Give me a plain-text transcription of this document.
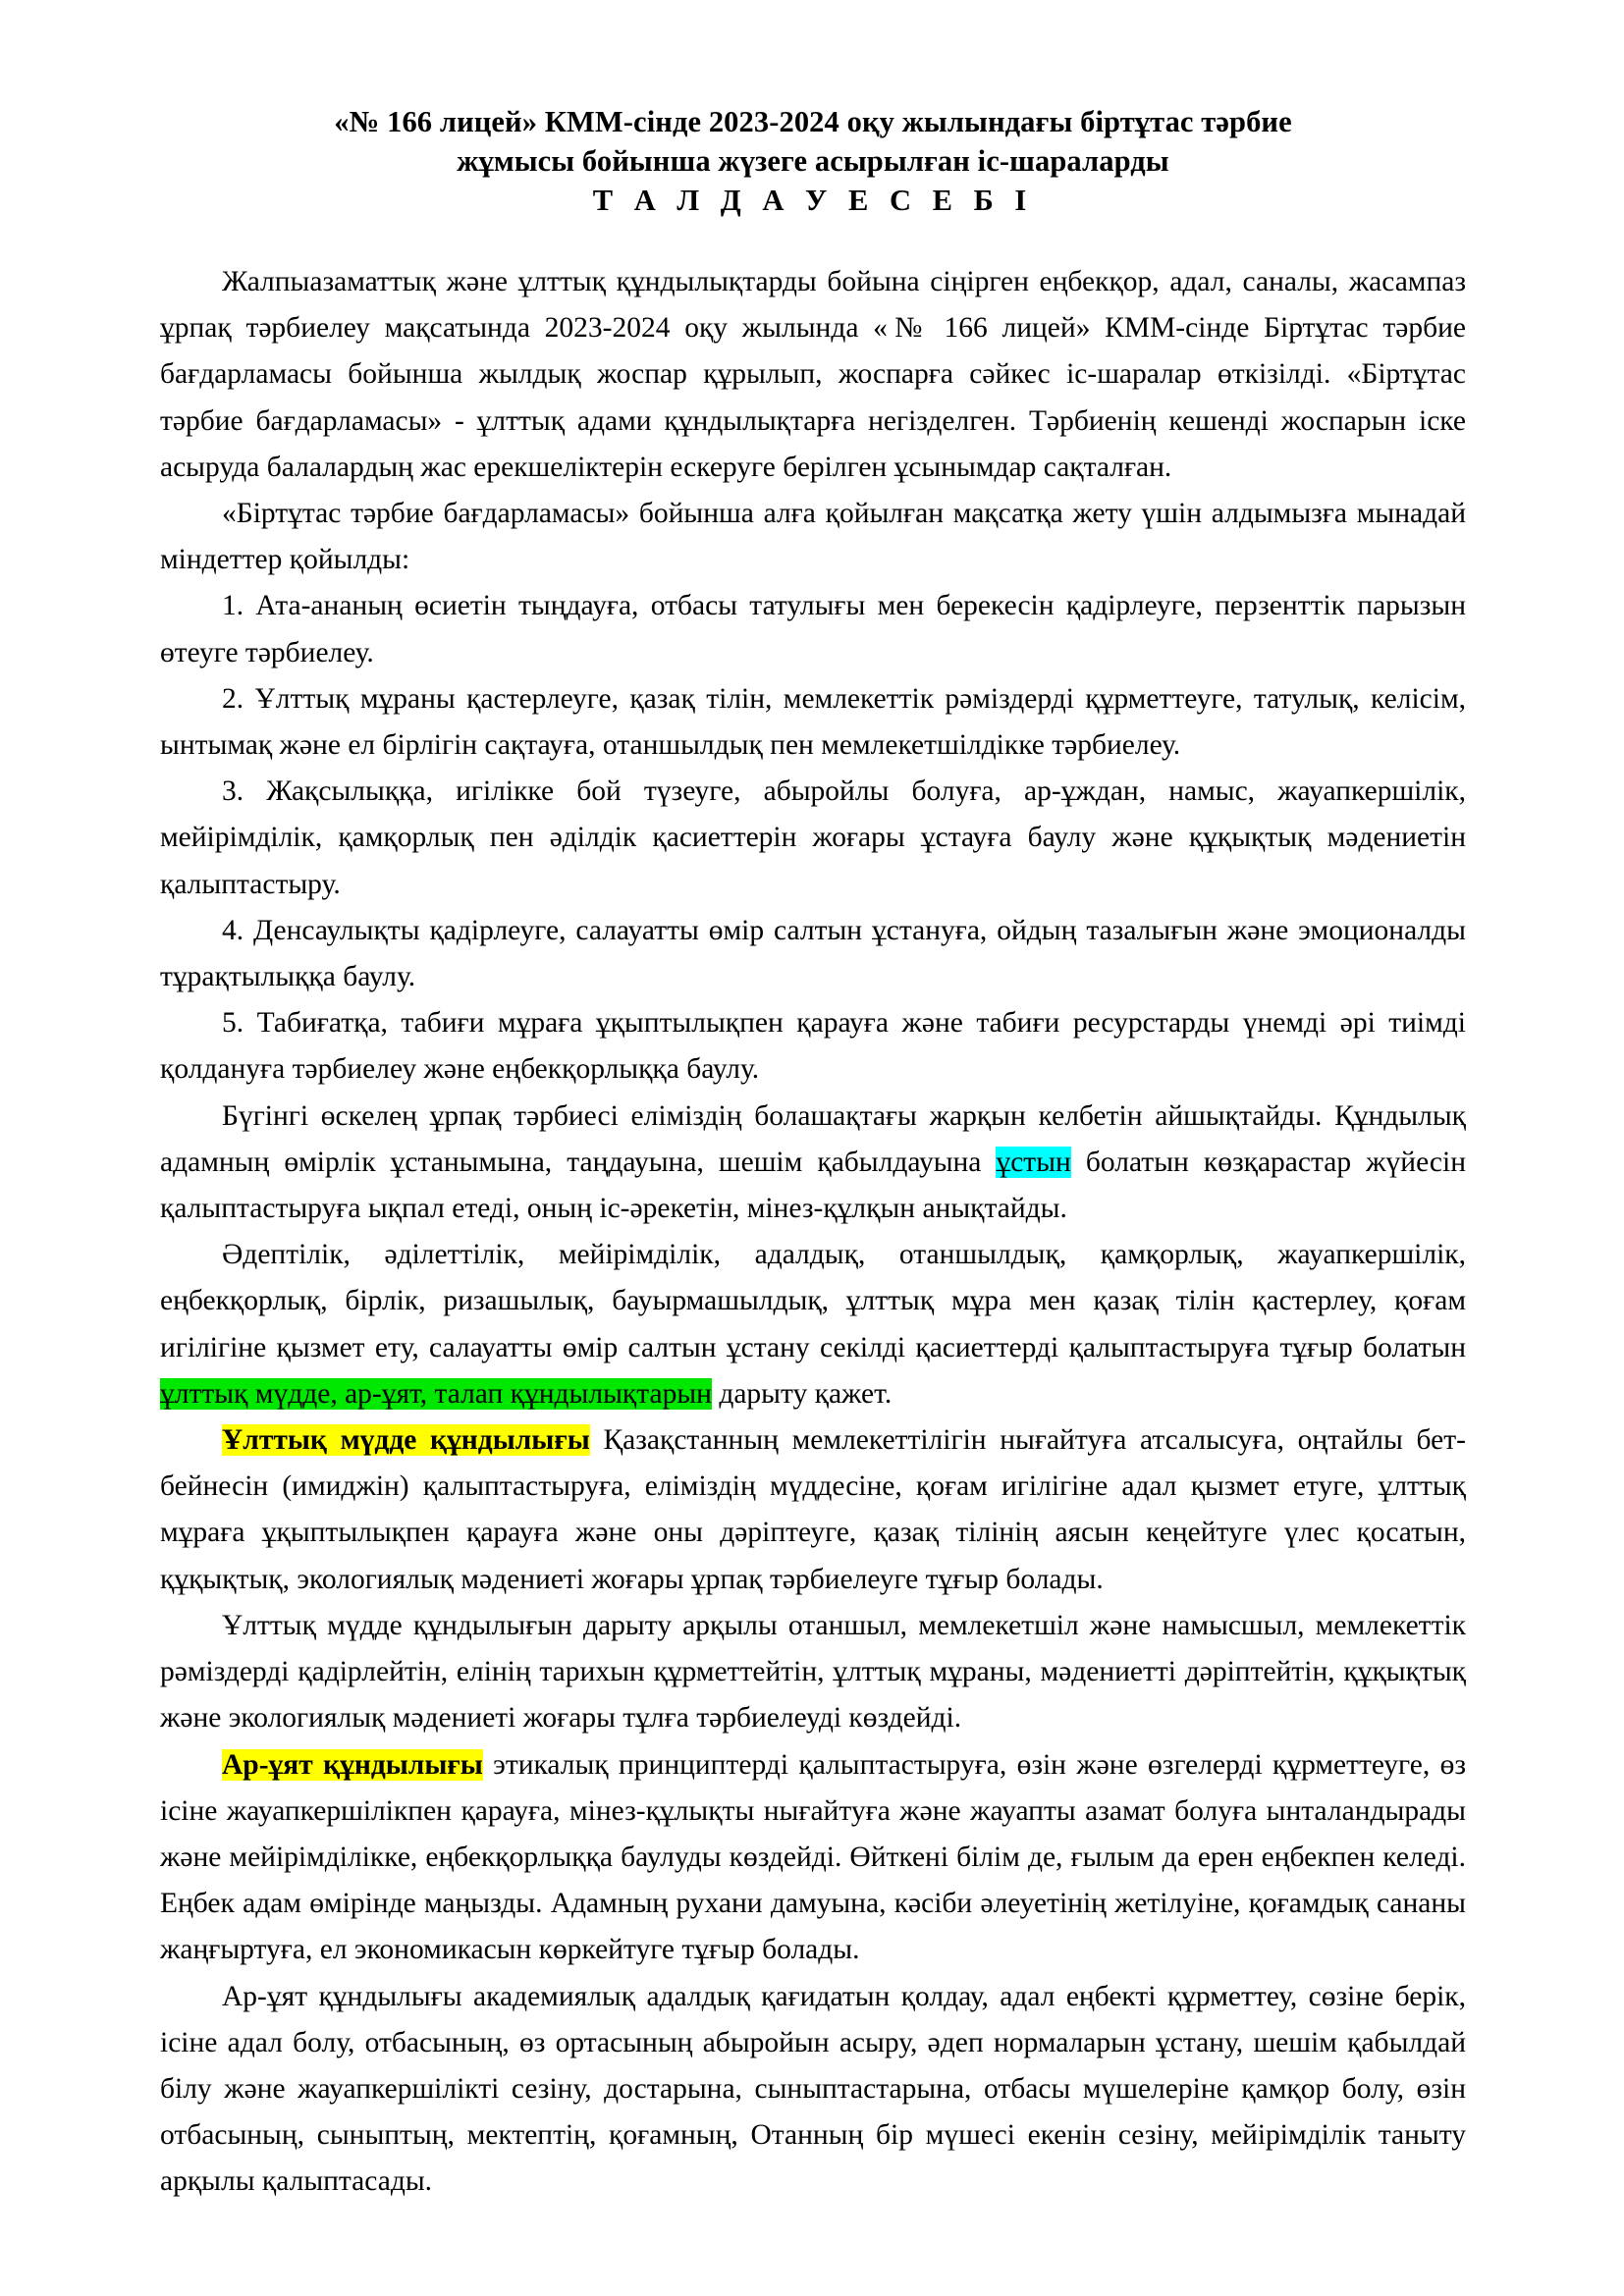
«№ 166 лицей» КММ-сінде 2023-2024 оқу жылындағы біртұтас тәрбие
жұмысы бойынша жүзеге асырылған іс-шараларды
Т А Л Д А У Е С Е Б І

Жалпыазаматтық және ұлттық құндылықтарды бойына сіңірген еңбекқор, адал, саналы, жасампаз ұрпақ тәрбиелеу мақсатында 2023-2024 оқу жылында «№ 166 лицей» КММ-сінде Біртұтас тәрбие бағдарламасы бойынша жылдық жоспар құрылып, жоспарға сәйкес іс-шаралар өткізілді. «Біртұтас тәрбие бағдарламасы» - ұлттық адами құндылықтарға негізделген. Тәрбиенің кешенді жоспарын іске асыруда балалардың жас ерекшеліктерін ескеруге берілген ұсынымдар сақталған.

«Біртұтас тәрбие бағдарламасы» бойынша алға қойылған мақсатқа жету үшін алдымызға мынадай міндеттер қойылды:

1. Ата-ананың өсиетін тыңдауға, отбасы татулығы мен берекесін қадірлеуге, перзенттік парызын өтеуге тәрбиелеу.

2. Ұлттық мұраны қастерлеуге, қазақ тілін, мемлекеттік рәміздерді құрметтеуге, татулық, келісім, ынтымақ және ел бірлігін сақтауға, отаншылдық пен мемлекетшілдікке тәрбиелеу.

3. Жақсылыққа, игілікке бой түзеуге, абыройлы болуға, ар-ұждан, намыс, жауапкершілік, мейірімділік, қамқорлық пен әділдік қасиеттерін жоғары ұстауға баулу және құқықтық мәдениетін қалыптастыру.

4. Денсаулықты қадірлеуге, салауатты өмір салтын ұстануға, ойдың тазалығын және эмоционалды тұрақтылыққа баулу.

5. Табиғатқа, табиғи мұраға ұқыптылықпен қарауға және табиғи ресурстарды үнемді әрі тиімді қолдануға тәрбиелеу және еңбекқорлыққа баулу.

Бүгінгі өскелең ұрпақ тәрбиесі еліміздің болашақтағы жарқын келбетін айшықтайды. Құндылық адамның өмірлік ұстанымына, таңдауына, шешім қабылдауына ұстын болатын көзқарастар жүйесін қалыптастыруға ықпал етеді, оның іс-әрекетін, мінез-құлқын анықтайды.

Әдептілік, әділеттілік, мейірімділік, адалдық, отаншылдық, қамқорлық, жауапкершілік, еңбекқорлық, бірлік, ризашылық, бауырмашылдық, ұлттық мұра мен қазақ тілін қастерлеу, қоғам игілігіне қызмет ету, салауатты өмір салтын ұстану секілді қасиеттерді қалыптастыруға тұғыр болатын ұлттық мүдде, ар-ұят, талап құндылықтарын дарыту қажет.

Ұлттық мүдде құндылығы Қазақстанның мемлекеттілігін нығайтуға атсалысуға, оңтайлы бет-бейнесін (имиджін) қалыптастыруға, еліміздің мүддесіне, қоғам игілігіне адал қызмет етуге, ұлттық мұраға ұқыптылықпен қарауға және оны дәріптеуге, қазақ тілінің аясын кеңейтуге үлес қосатын, құқықтық, экологиялық мәдениеті жоғары ұрпақ тәрбиелеуге тұғыр болады.

Ұлттық мүдде құндылығын дарыту арқылы отаншыл, мемлекетшіл және намысшыл, мемлекеттік рәміздерді қадірлейтін, елінің тарихын құрметтейтін, ұлттық мұраны, мәдениетті дәріптейтін, құқықтық және экологиялық мәдениеті жоғары тұлға тәрбиелеуді көздейді.

Ар-ұят құндылығы этикалық принциптерді қалыптастыруға, өзін және өзгелерді құрметтеуге, өз ісіне жауапкершілікпен қарауға, мінез-құлықты нығайтуға және жауапты азамат болуға ынталандырады және мейірімділікке, еңбекқорлыққа баулуды көздейді. Өйткені білім де, ғылым да ерен еңбекпен келеді. Еңбек адам өмірінде маңызды. Адамның рухани дамуына, кәсіби әлеуетінің жетілуіне, қоғамдық сананы жаңғыртуға, ел экономикасын көркейтуге тұғыр болады.

Ар-ұят құндылығы академиялық адалдық қағидатын қолдау, адал еңбекті құрметтеу, сөзіне берік, ісіне адал болу, отбасының, өз ортасының абыройын асыру, әдеп нормаларын ұстану, шешім қабылдай білу және жауапкершілікті сезіну, достарына, сыныптастарына, отбасы мүшелеріне қамқор болу, өзін отбасының, сыныптың, мектептің, қоғамның, Отанның бір мүшесі екенін сезіну, мейірімділік таныту арқылы қалыптасады.
